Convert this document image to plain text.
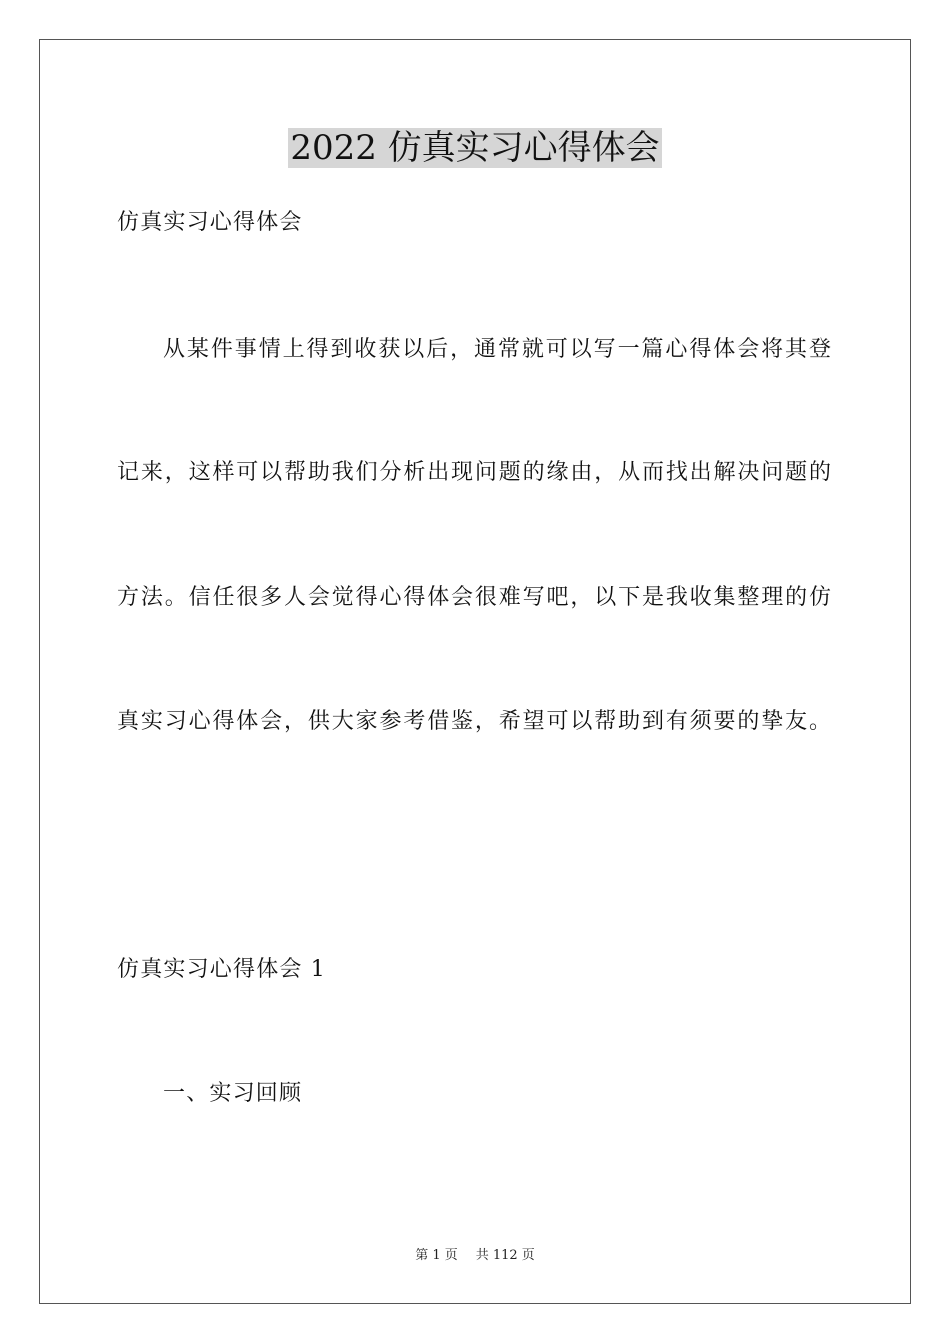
2022 仿真实习心得体会
仿真实习心得体会
从某件事情上得到收获以后，通常就可以写一篇心得体会将其登
记来，这样可以帮助我们分析出现问题的缘由，从而找出解决问题的
方法。信任很多人会觉得心得体会很难写吧，以下是我收集整理的仿
真实习心得体会，供大家参考借鉴，希望可以帮助到有须要的挚友。
仿真实习心得体会 1
一、实习回顾
第 1 页 共 112 页
